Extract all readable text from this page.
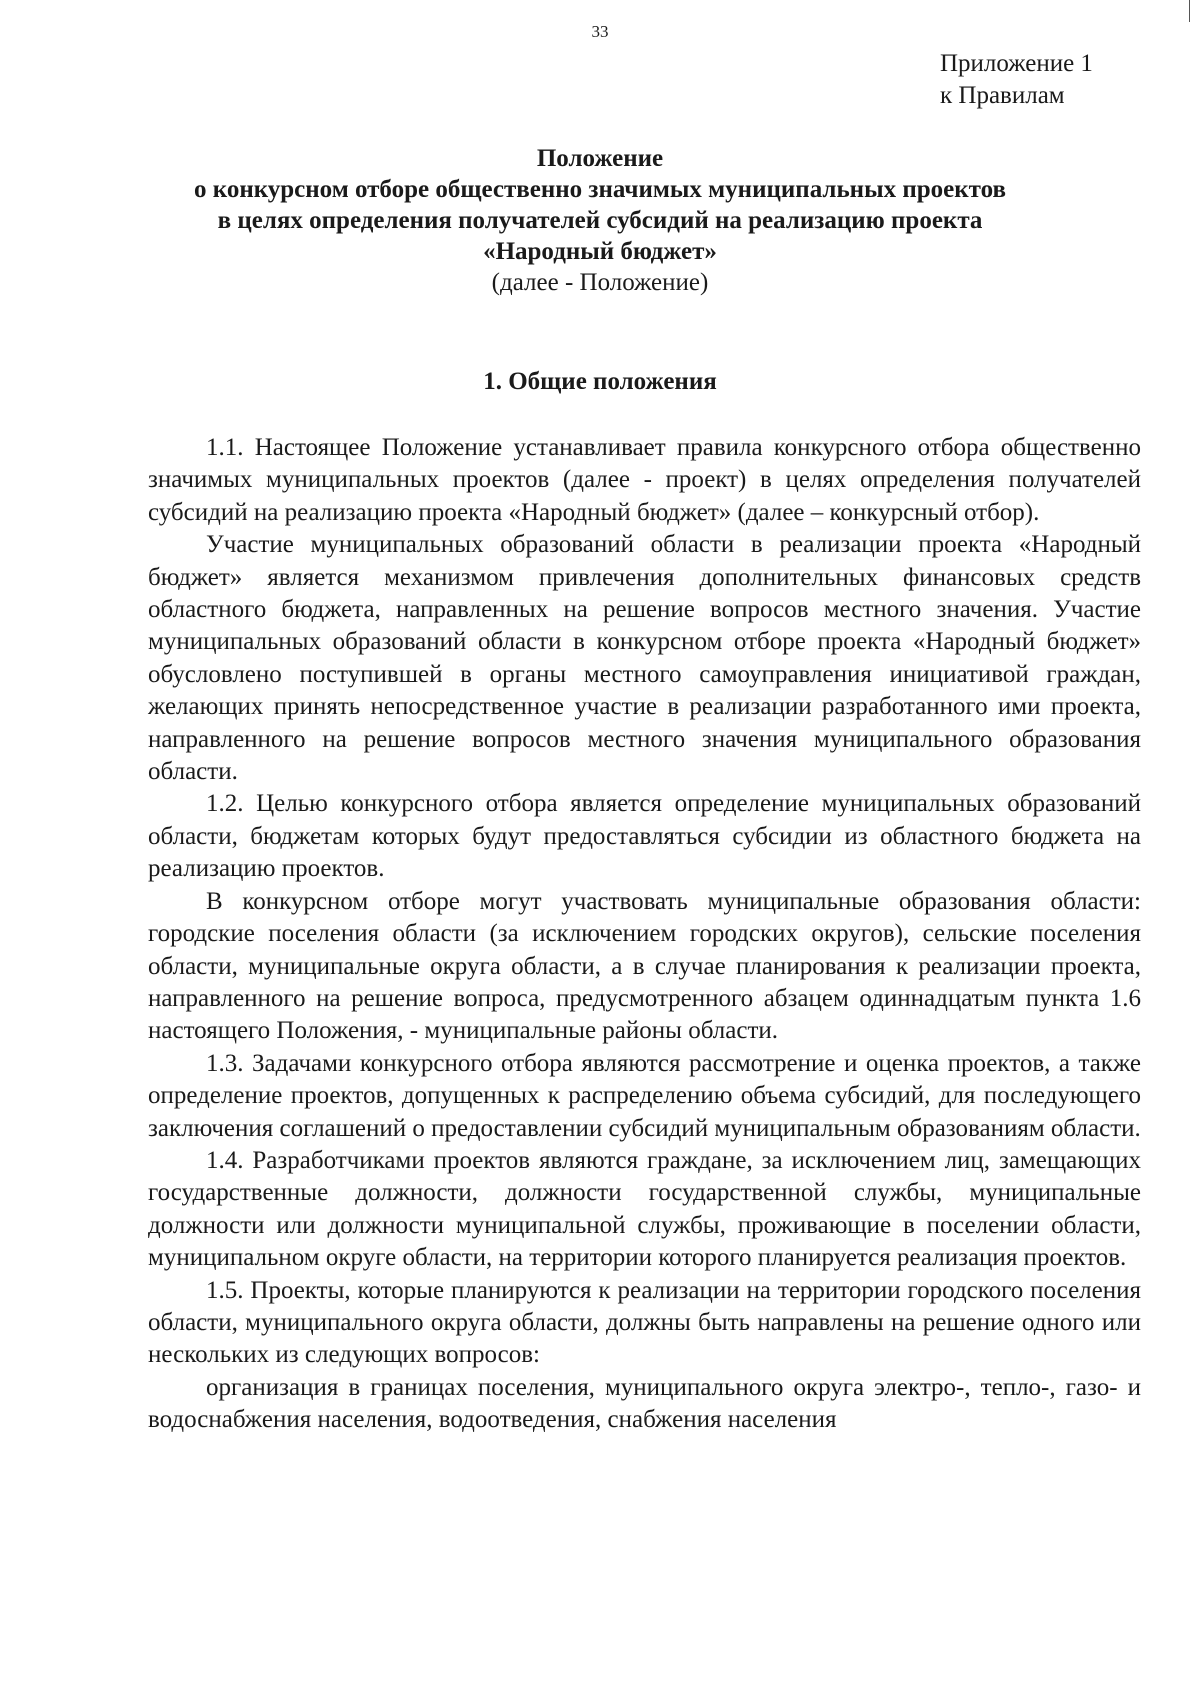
33
Приложение 1
к Правилам
Положение
о конкурсном отборе общественно значимых муниципальных проектов
в целях определения получателей субсидий на реализацию проекта
«Народный бюджет»
(далее - Положение)
1. Общие положения

1.1. Настоящее Положение устанавливает правила конкурсного отбора общественно значимых муниципальных проектов (далее - проект) в целях определения получателей субсидий на реализацию проекта «Народный бюджет» (далее – конкурсный отбор).

Участие муниципальных образований области в реализации проекта «Народный бюджет» является механизмом привлечения дополнительных финансовых средств областного бюджета, направленных на решение вопросов местного значения. Участие муниципальных образований области в конкурсном отборе проекта «Народный бюджет» обусловлено поступившей в органы местного самоуправления инициативой граждан, желающих принять непосредственное участие в реализации разработанного ими проекта, направленного на решение вопросов местного значения муниципального образования области.

1.2. Целью конкурсного отбора является определение муниципальных образований области, бюджетам которых будут предоставляться субсидии из областного бюджета на реализацию проектов.

В конкурсном отборе могут участвовать муниципальные образования области: городские поселения области (за исключением городских округов), сельские поселения области, муниципальные округа области, а в случае планирования к реализации проекта, направленного на решение вопроса, предусмотренного абзацем одиннадцатым пункта 1.6 настоящего Положения, - муниципальные районы области.

1.3. Задачами конкурсного отбора являются рассмотрение и оценка проектов, а также определение проектов, допущенных к распределению объема субсидий, для последующего заключения соглашений о предоставлении субсидий муниципальным образованиям области.

1.4. Разработчиками проектов являются граждане, за исключением лиц, замещающих государственные должности, должности государственной службы, муниципальные должности или должности муниципальной службы, проживающие в поселении области, муниципальном округе области, на территории которого планируется реализация проектов.

1.5. Проекты, которые планируются к реализации на территории городского поселения области, муниципального округа области, должны быть направлены на решение одного или нескольких из следующих вопросов:

организация в границах поселения, муниципального округа электро-, тепло-, газо- и водоснабжения населения, водоотведения, снабжения населения
